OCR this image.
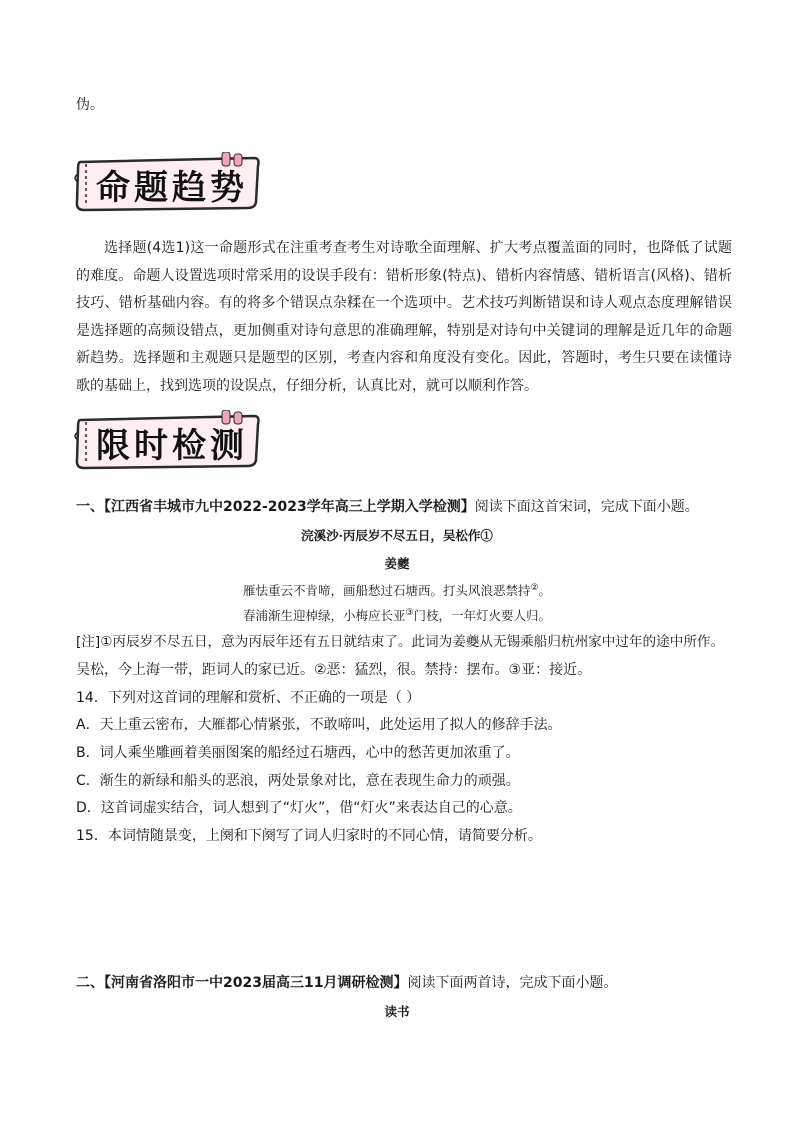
伪。
命题趋势
选择题(4选1)这一命题形式在注重考查考生对诗歌全面理解、扩大考点覆盖面的同时，也降低了试题的难度。命题人设置选项时常采用的设误手段有：错析形象(特点)、错析内容情感、错析语言(风格)、错析技巧、错析基础内容。有的将多个错误点杂糅在一个选项中。艺术技巧判断错误和诗人观点态度理解错误是选择题的高频设错点，更加侧重对诗句意思的准确理解，特别是对诗句中关键词的理解是近几年的命题新趋势。选择题和主观题只是题型的区别，考查内容和角度没有变化。因此，答题时，考生只要在读懂诗歌的基础上，找到选项的设误点，仔细分析，认真比对，就可以顺利作答。
限时检测
一、【江西省丰城市九中2022-2023学年高三上学期入学检测】阅读下面这首宋词，完成下面小题。
浣溪沙·丙辰岁不尽五日，吴松作①
姜夔
雁怯重云不肯啼，画船愁过石塘西。打头风浪恶禁持②。
春浦渐生迎棹绿，小梅应长亚③门枝，一年灯火要人归。
[注]①丙辰岁不尽五日，意为丙辰年还有五日就结束了。此词为姜夔从无锡乘船归杭州家中过年的途中所作。
吴松，今上海一带，距词人的家已近。②恶：猛烈，很。禁持：摆布。③亚：接近。
14．下列对这首词的理解和赏析、不正确的一项是（ ）
A．天上重云密布，大雁都心情紧张，不敢啼叫，此处运用了拟人的修辞手法。
B．词人乘坐雕画着美丽图案的船经过石塘西，心中的愁苦更加浓重了。
C．渐生的新绿和船头的恶浪，两处景象对比，意在表现生命力的顽强。
D．这首词虚实结合，词人想到了“灯火”，借“灯火”来表达自己的心意。
15．本词情随景变，上阕和下阕写了词人归家时的不同心情，请简要分析。
二、【河南省洛阳市一中2023届高三11月调研检测】阅读下面两首诗，完成下面小题。
读书
